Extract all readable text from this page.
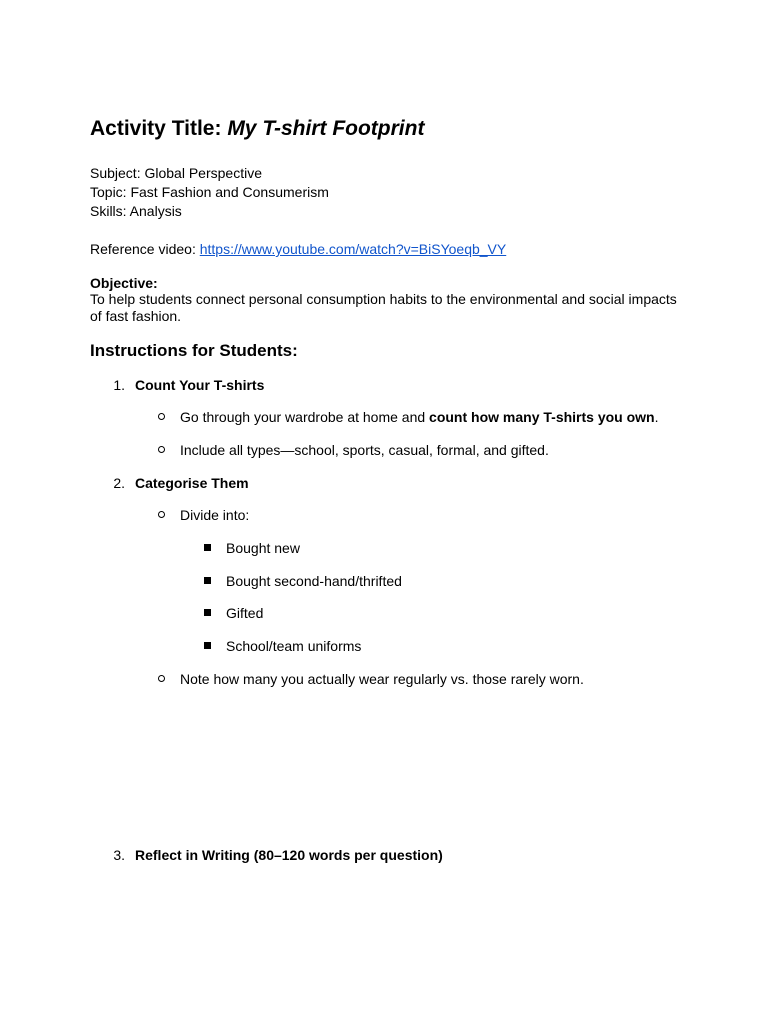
Activity Title: My T-shirt Footprint
Subject: Global Perspective
Topic: Fast Fashion and Consumerism
Skills: Analysis
Reference video: https://www.youtube.com/watch?v=BiSYoeqb_VY
Objective:
To help students connect personal consumption habits to the environmental and social impacts of fast fashion.
Instructions for Students:
1. Count Your T-shirts
Go through your wardrobe at home and count how many T-shirts you own.
Include all types—school, sports, casual, formal, and gifted.
2. Categorise Them
Divide into:
Bought new
Bought second-hand/thrifted
Gifted
School/team uniforms
Note how many you actually wear regularly vs. those rarely worn.
3. Reflect in Writing (80–120 words per question)
